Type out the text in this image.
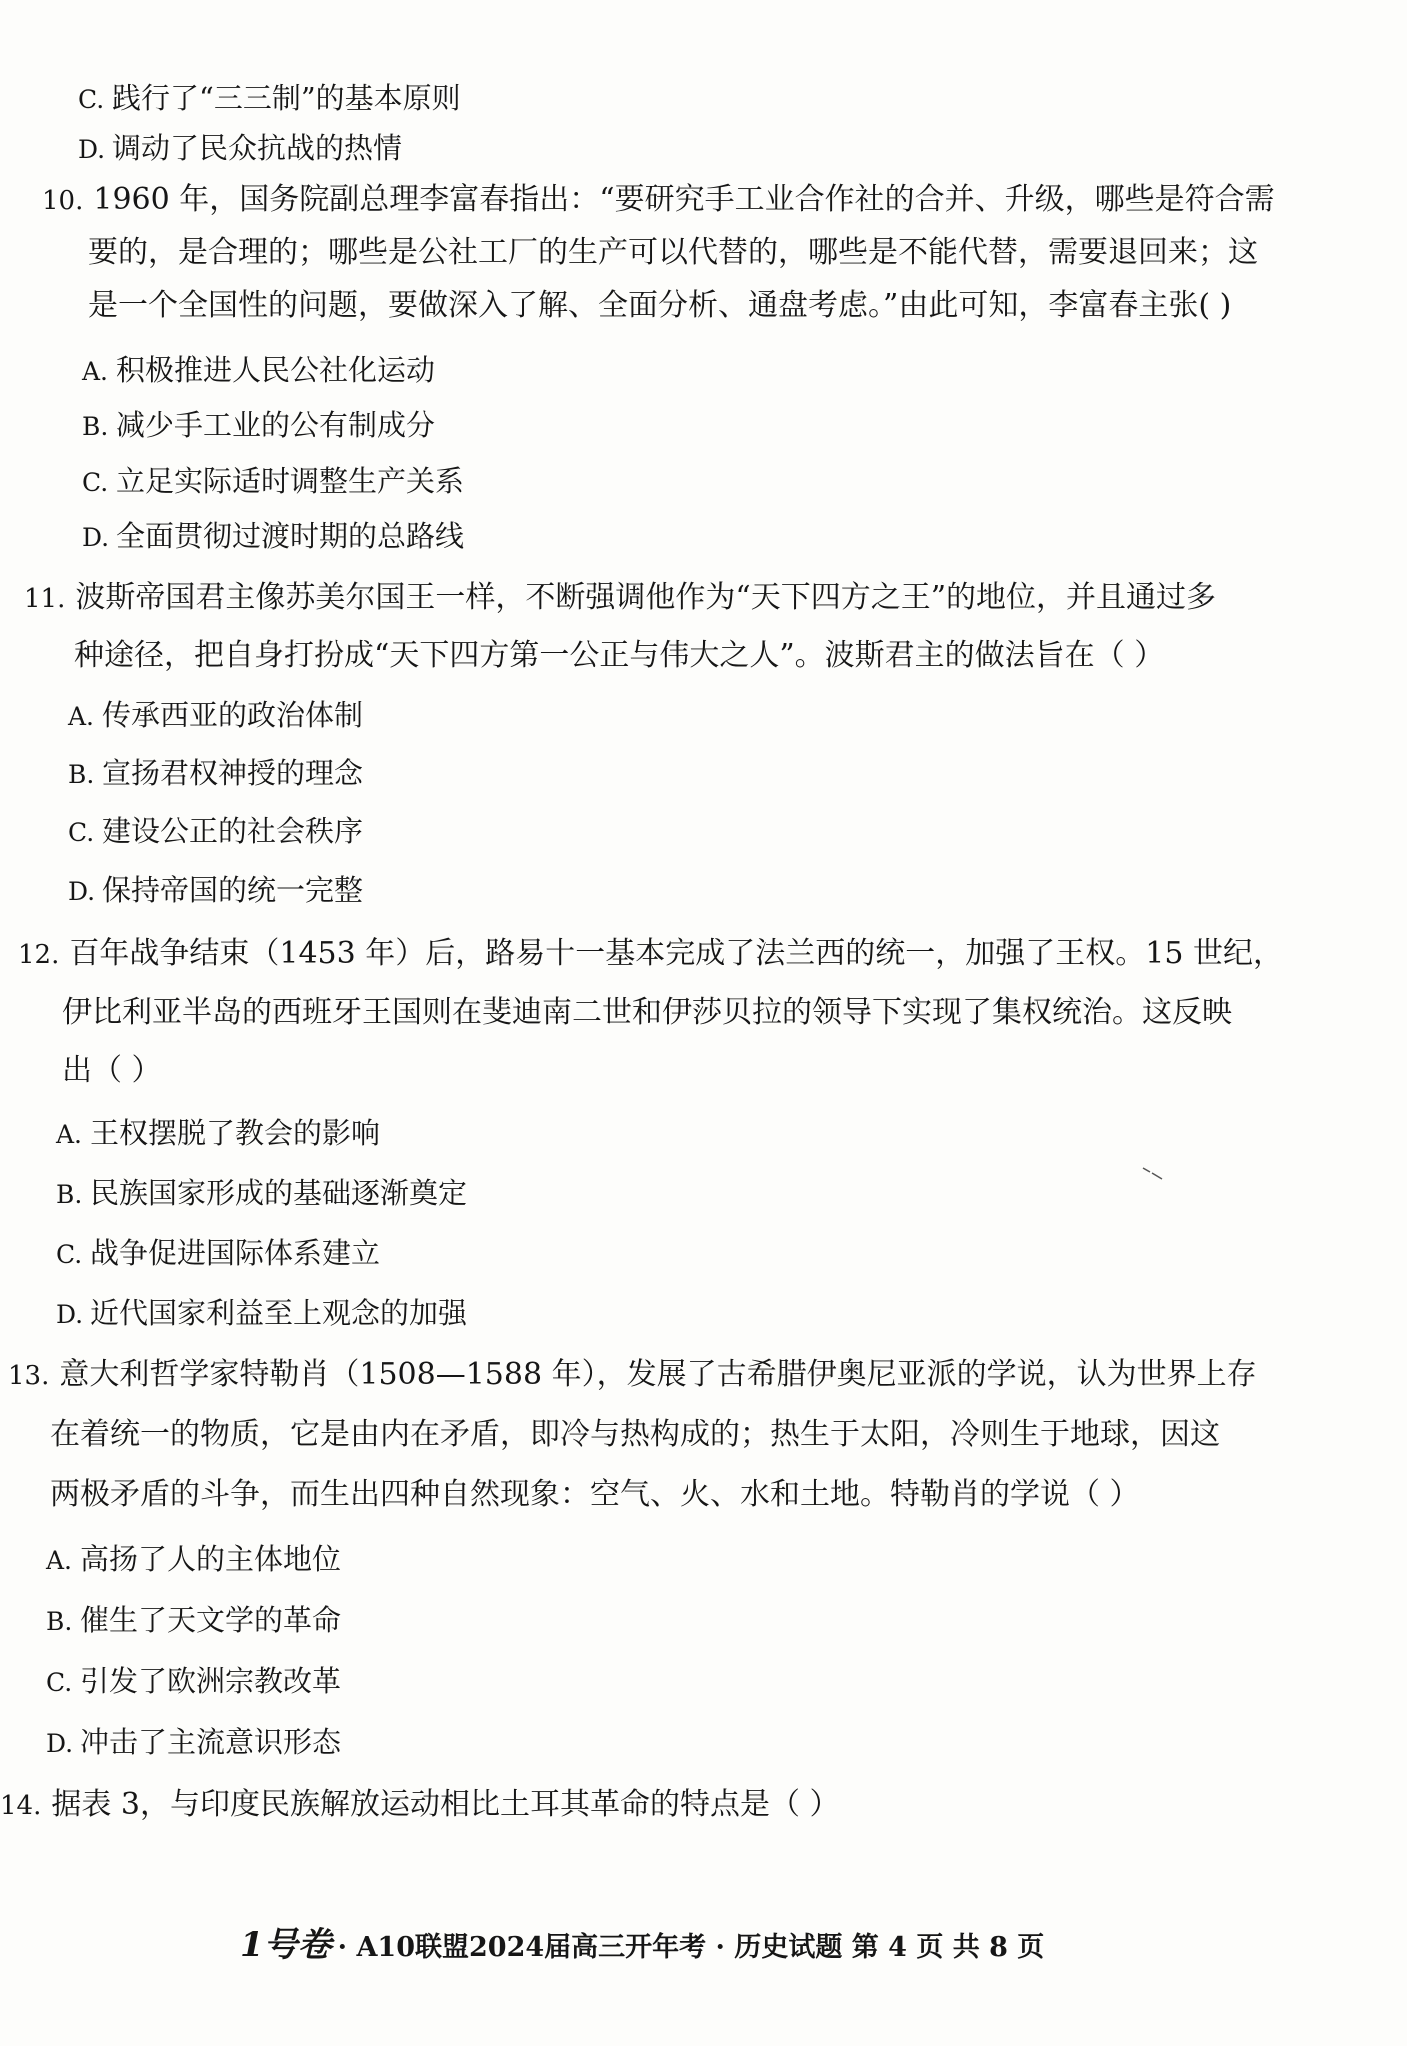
C. 践行了“三三制”的基本原则
D. 调动了民众抗战的热情
10. 1960 年，国务院副总理李富春指出：“要研究手工业合作社的合并、升级，哪些是符合需
要的，是合理的；哪些是公社工厂的生产可以代替的，哪些是不能代替，需要退回来；这
是一个全国性的问题，要做深入了解、全面分析、通盘考虑。”由此可知，李富春主张( )
A. 积极推进人民公社化运动
B. 减少手工业的公有制成分
C. 立足实际适时调整生产关系
D. 全面贯彻过渡时期的总路线
11. 波斯帝国君主像苏美尔国王一样，不断强调他作为“天下四方之王”的地位，并且通过多
种途径，把自身打扮成“天下四方第一公正与伟大之人”。波斯君主的做法旨在（ ）
A. 传承西亚的政治体制
B. 宣扬君权神授的理念
C. 建设公正的社会秩序
D. 保持帝国的统一完整
12. 百年战争结束（1453 年）后，路易十一基本完成了法兰西的统一，加强了王权。15 世纪，
伊比利亚半岛的西班牙王国则在斐迪南二世和伊莎贝拉的领导下实现了集权统治。这反映
出（ ）
A. 王权摆脱了教会的影响
B. 民族国家形成的基础逐渐奠定
C. 战争促进国际体系建立
D. 近代国家利益至上观念的加强
13. 意大利哲学家特勒肖（1508—1588 年），发展了古希腊伊奥尼亚派的学说，认为世界上存
在着统一的物质，它是由内在矛盾，即冷与热构成的；热生于太阳，冷则生于地球，因这
两极矛盾的斗争，而生出四种自然现象：空气、火、水和土地。特勒肖的学说（ ）
A. 高扬了人的主体地位
B. 催生了天文学的革命
C. 引发了欧洲宗教改革
D. 冲击了主流意识形态
14. 据表 3，与印度民族解放运动相比土耳其革命的特点是（ ）
1号卷 · A10联盟2024届高三开年考 · 历史试题 第 4 页 共 8 页
